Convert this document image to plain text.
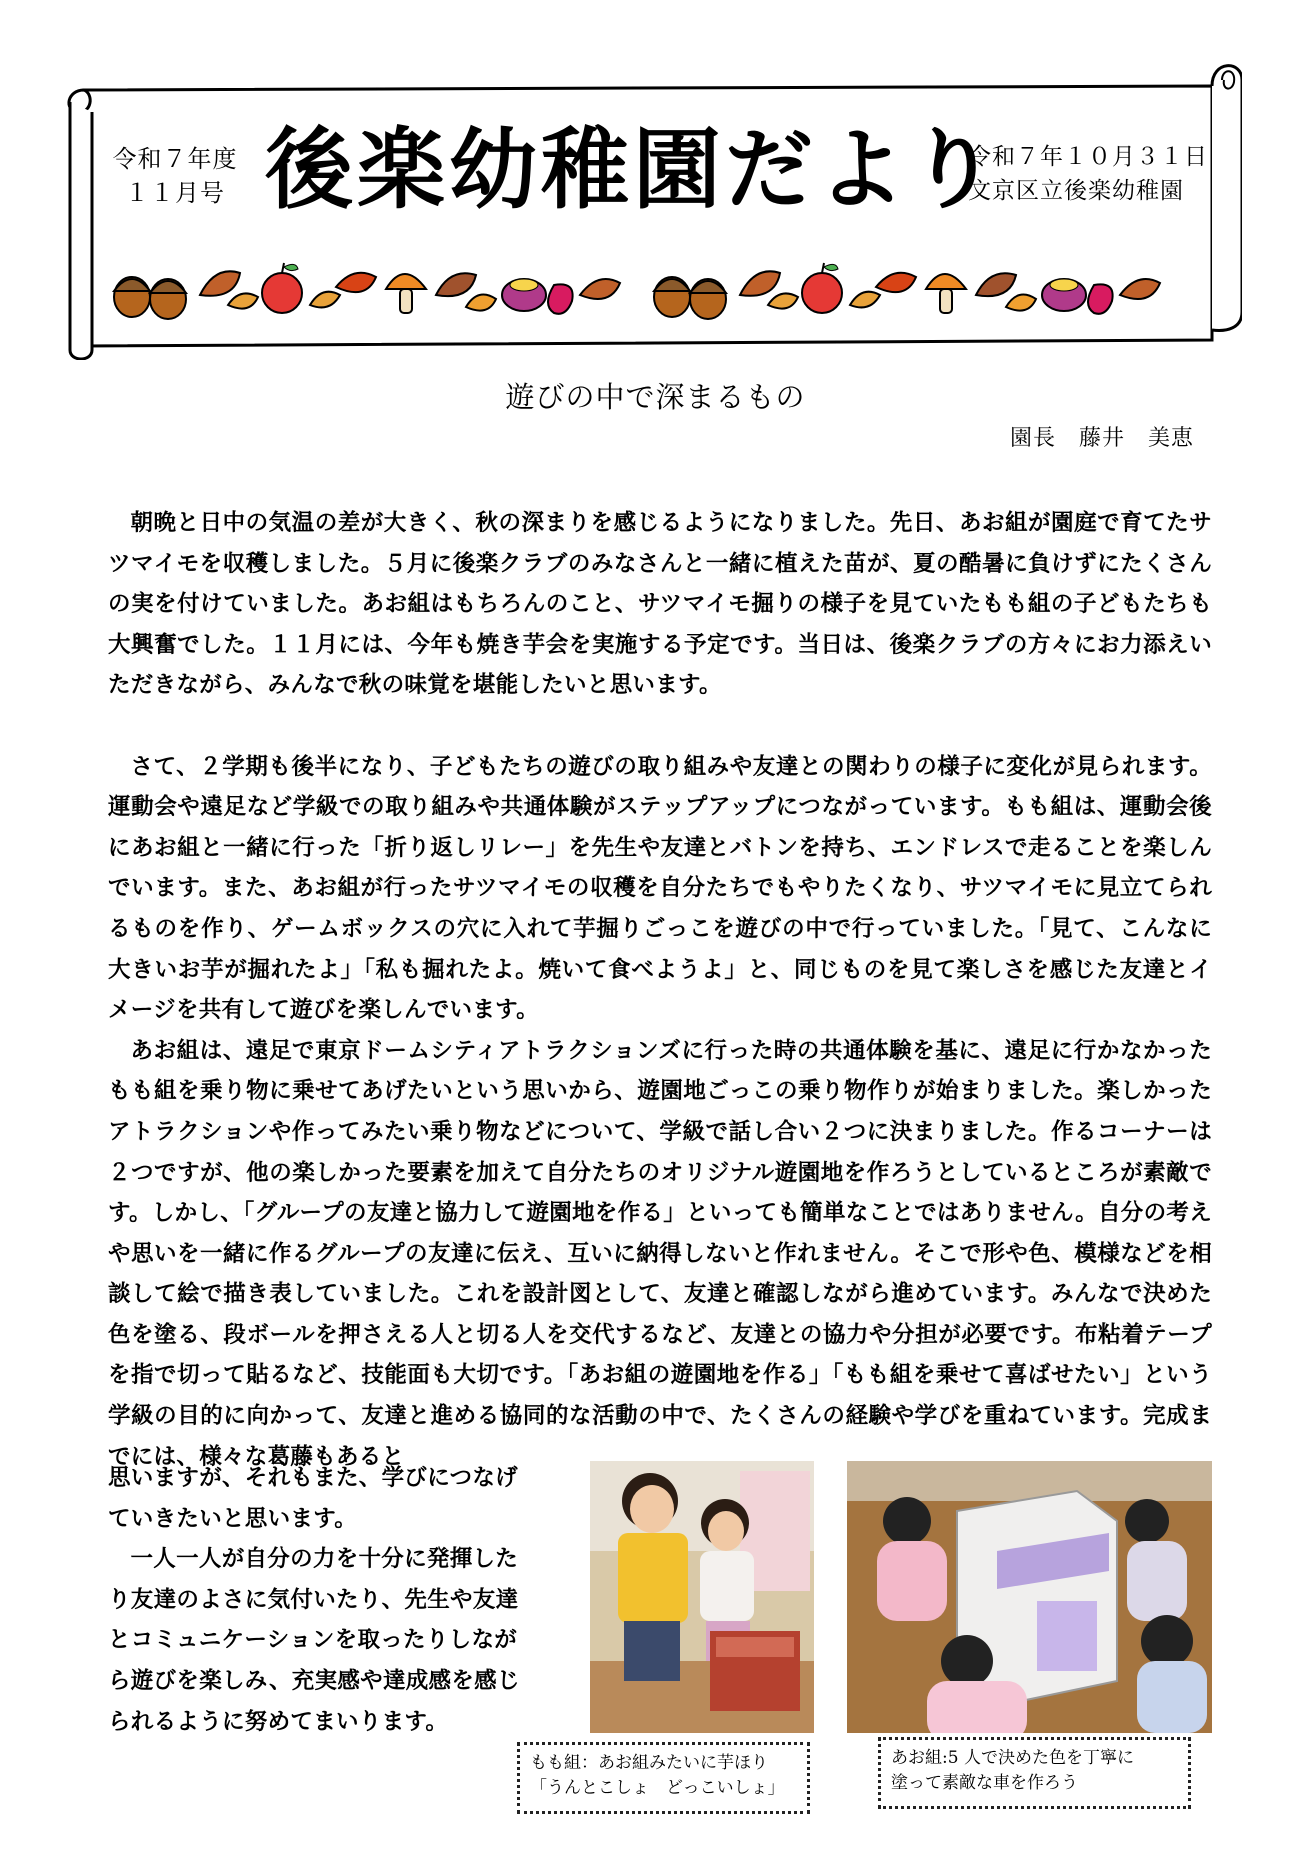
令和７年度
１１月号 後楽幼稚園だより
令和７年１０月３１日
文京区立後楽幼稚園
遊びの中で深まるもの
園長　藤井　美恵

朝晩と日中の気温の差が大きく、秋の深まりを感じるようになりました。先日、あお組が園庭で育てたサツマイモを収穫しました。５月に後楽クラブのみなさんと一緒に植えた苗が、夏の酷暑に負けずにたくさんの実を付けていました。あお組はもちろんのこと、サツマイモ掘りの様子を見ていたもも組の子どもたちも大興奮でした。１１月には、今年も焼き芋会を実施する予定です。当日は、後楽クラブの方々にお力添えいただきながら、みんなで秋の味覚を堪能したいと思います。

さて、２学期も後半になり、子どもたちの遊びの取り組みや友達との関わりの様子に変化が見られます。運動会や遠足など学級での取り組みや共通体験がステップアップにつながっています。もも組は、運動会後にあお組と一緒に行った「折り返しリレー」を先生や友達とバトンを持ち、エンドレスで走ることを楽しんでいます。また、あお組が行ったサツマイモの収穫を自分たちでもやりたくなり、サツマイモに見立てられるものを作り、ゲームボックスの穴に入れて芋掘りごっこを遊びの中で行っていました。「見て、こんなに大きいお芋が掘れたよ」「私も掘れたよ。焼いて食べようよ」と、同じものを見て楽しさを感じた友達とイメージを共有して遊びを楽しんでいます。

あお組は、遠足で東京ドームシティアトラクションズに行った時の共通体験を基に、遠足に行かなかったもも組を乗り物に乗せてあげたいという思いから、遊園地ごっこの乗り物作りが始まりました。楽しかったアトラクションや作ってみたい乗り物などについて、学級で話し合い２つに決まりました。作るコーナーは２つですが、他の楽しかった要素を加えて自分たちのオリジナル遊園地を作ろうとしているところが素敵です。しかし、「グループの友達と協力して遊園地を作る」といっても簡単なことではありません。自分の考えや思いを一緒に作るグループの友達に伝え、互いに納得しないと作れません。そこで形や色、模様などを相談して絵で描き表していました。これを設計図として、友達と確認しながら進めています。みんなで決めた色を塗る、段ボールを押さえる人と切る人を交代するなど、友達との協力や分担が必要です。布粘着テープを指で切って貼るなど、技能面も大切です。「あお組の遊園地を作る」「もも組を乗せて喜ばせたい」という学級の目的に向かって、友達と進める協同的な活動の中で、たくさんの経験や学びを重ねています。完成までには、様々な葛藤もあると

思いますが、それもまた、学びにつなげ

ていきたいと思います。

一人一人が自分の力を十分に発揮した

り友達のよさに気付いたり、先生や友達

とコミュニケーションを取ったりしなが

ら遊びを楽しみ、充実感や達成感を感じ

られるように努めてまいります。

もも組：あお組みたいに芋ほり
「うんとこしょ　どっこいしょ」
あお組:5 人で決めた色を丁寧に
塗って素敵な車を作ろう
